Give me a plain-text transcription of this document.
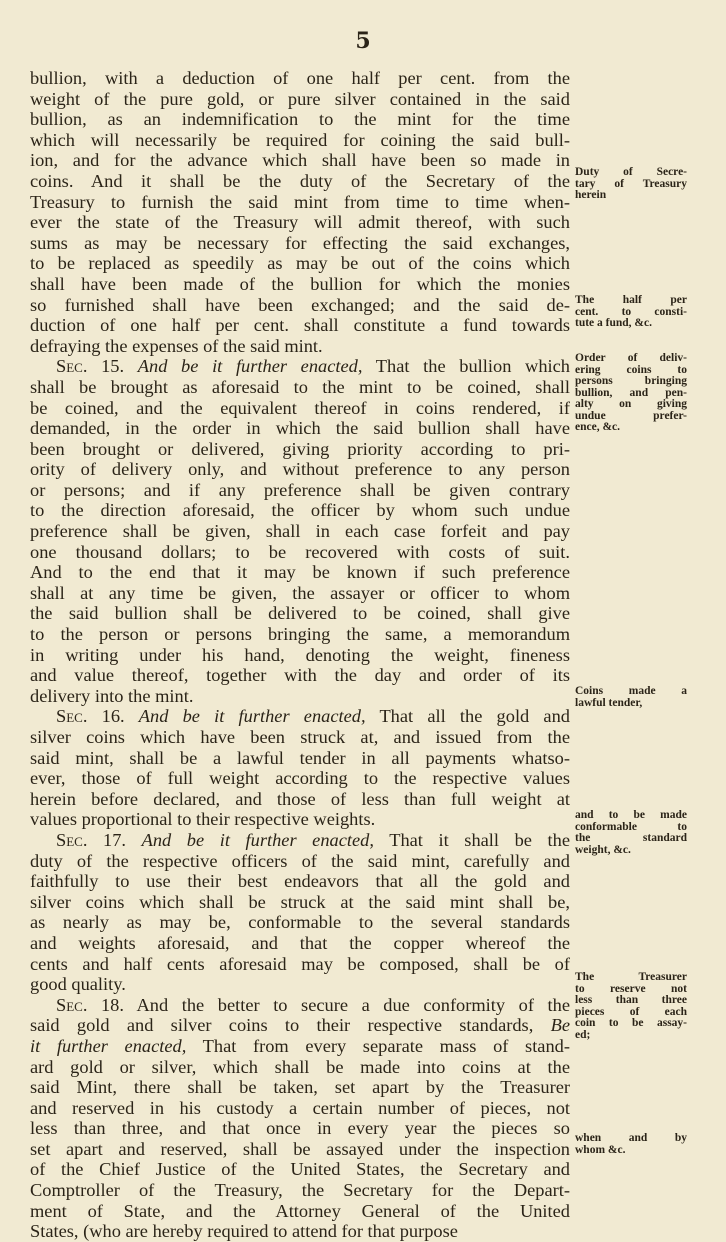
5
bullion, with a deduction of one half per cent. from the
weight of the pure gold, or pure silver contained in the said
bullion, as an indemnification to the mint for the time
which will necessarily be required for coining the said bull-
ion, and for the advance which shall have been so made in
coins. And it shall be the duty of the Secretary of the
Treasury to furnish the said mint from time to time when-
ever the state of the Treasury will admit thereof, with such
sums as may be necessary for effecting the said exchanges,
to be replaced as speedily as may be out of the coins which
shall have been made of the bullion for which the monies
so furnished shall have been exchanged; and the said de-
duction of one half per cent. shall constitute a fund towards
defraying the expenses of the said mint.
Sec. 15. And be it further enacted, That the bullion which
shall be brought as aforesaid to the mint to be coined, shall
be coined, and the equivalent thereof in coins rendered, if
demanded, in the order in which the said bullion shall have
been brought or delivered, giving priority according to pri-
ority of delivery only, and without preference to any person
or persons; and if any preference shall be given contrary
to the direction aforesaid, the officer by whom such undue
preference shall be given, shall in each case forfeit and pay
one thousand dollars; to be recovered with costs of suit.
And to the end that it may be known if such preference
shall at any time be given, the assayer or officer to whom
the said bullion shall be delivered to be coined, shall give
to the person or persons bringing the same, a memorandum
in writing under his hand, denoting the weight, fineness
and value thereof, together with the day and order of its
delivery into the mint.
Sec. 16. And be it further enacted, That all the gold and
silver coins which have been struck at, and issued from the
said mint, shall be a lawful tender in all payments whatso-
ever, those of full weight according to the respective values
herein before declared, and those of less than full weight at
values proportional to their respective weights.
Sec. 17. And be it further enacted, That it shall be the
duty of the respective officers of the said mint, carefully and
faithfully to use their best endeavors that all the gold and
silver coins which shall be struck at the said mint shall be,
as nearly as may be, conformable to the several standards
and weights aforesaid, and that the copper whereof the
cents and half cents aforesaid may be composed, shall be of
good quality.
Sec. 18. And the better to secure a due conformity of the
said gold and silver coins to their respective standards, Be
it further enacted, That from every separate mass of stand-
ard gold or silver, which shall be made into coins at the
said Mint, there shall be taken, set apart by the Treasurer
and reserved in his custody a certain number of pieces, not
less than three, and that once in every year the pieces so
set apart and reserved, shall be assayed under the inspection
of the Chief Justice of the United States, the Secretary and
Comptroller of the Treasury, the Secretary for the Depart-
ment of State, and the Attorney General of the United
States, (who are hereby required to attend for that purpose
Duty of Secre-
tary of Treasury
herein
The half per
cent. to consti-
tute a fund, &c.
Order of deliv-
ering coins to
persons bringing
bullion, and pen-
alty on giving
undue prefer-
ence, &c.
Coins made a
lawful tender,
and to be made
conformable to
the standard
weight, &c.
The Treasurer
to reserve not
less than three
pieces of each
coin to be assay-
ed;
when and by
whom &c.
